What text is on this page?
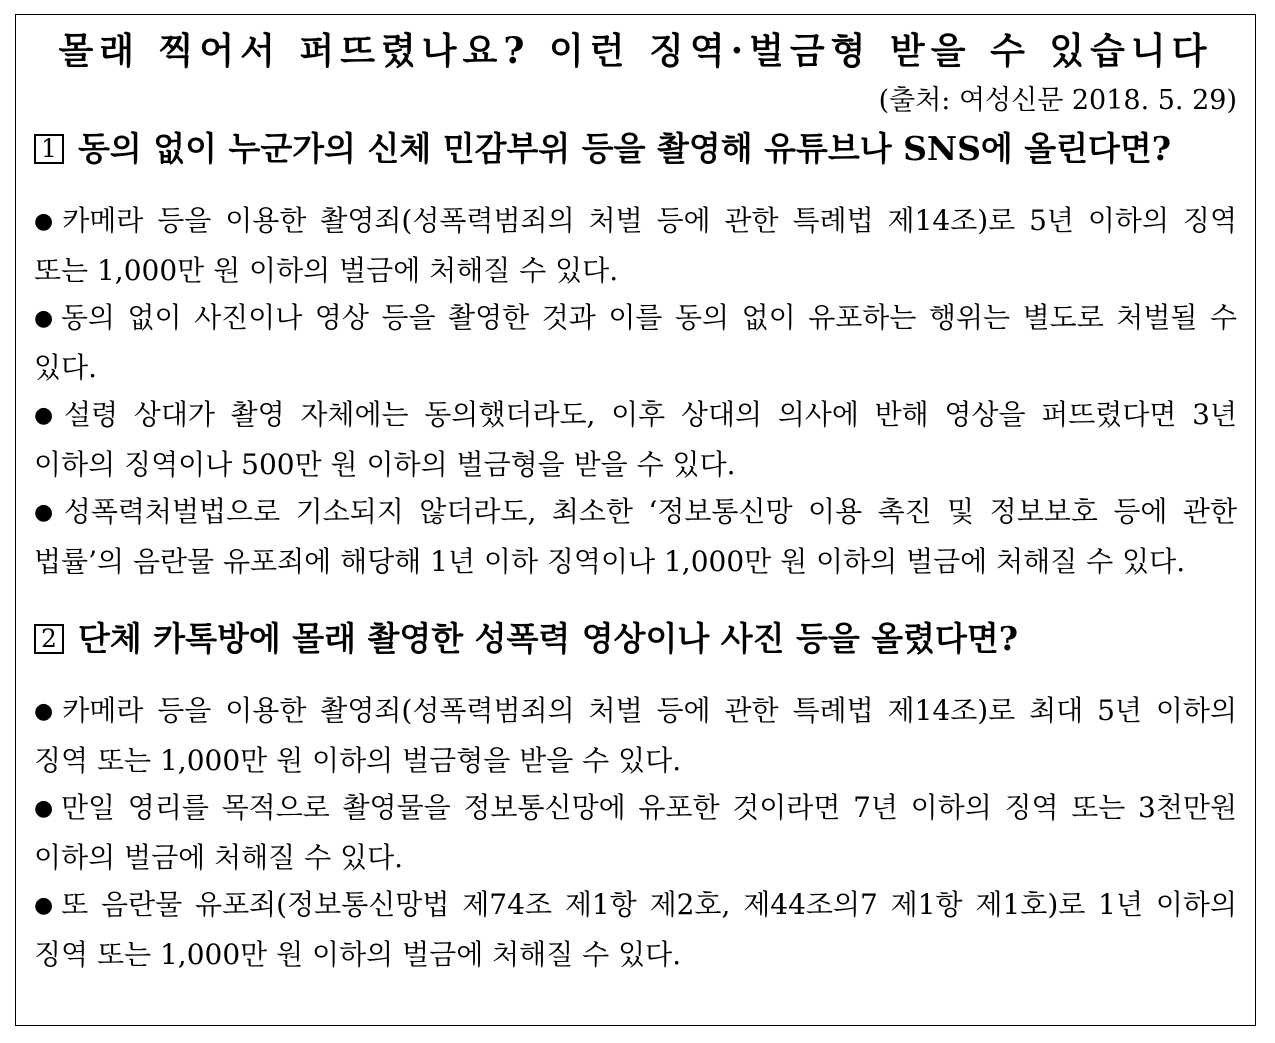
몰래 찍어서 퍼뜨렸나요? 이런 징역·벌금형 받을 수 있습니다
(출처: 여성신문 2018. 5. 29)
1 동의 없이 누군가의 신체 민감부위 등을 촬영해 유튜브나 SNS에 올린다면?
● 카메라 등을 이용한 촬영죄(성폭력범죄의 처벌 등에 관한 특례법 제14조)로 5년 이하의 징역 또는 1,000만 원 이하의 벌금에 처해질 수 있다.
● 동의 없이 사진이나 영상 등을 촬영한 것과 이를 동의 없이 유포하는 행위는 별도로 처벌될 수 있다.
● 설령 상대가 촬영 자체에는 동의했더라도, 이후 상대의 의사에 반해 영상을 퍼뜨렸다면 3년 이하의 징역이나 500만 원 이하의 벌금형을 받을 수 있다.
● 성폭력처벌법으로 기소되지 않더라도, 최소한 ‘정보통신망 이용 촉진 및 정보보호 등에 관한 법률’의 음란물 유포죄에 해당해 1년 이하 징역이나 1,000만 원 이하의 벌금에 처해질 수 있다.
2 단체 카톡방에 몰래 촬영한 성폭력 영상이나 사진 등을 올렸다면?
● 카메라 등을 이용한 촬영죄(성폭력범죄의 처벌 등에 관한 특례법 제14조)로 최대 5년 이하의 징역 또는 1,000만 원 이하의 벌금형을 받을 수 있다.
● 만일 영리를 목적으로 촬영물을 정보통신망에 유포한 것이라면 7년 이하의 징역 또는 3천만원 이하의 벌금에 처해질 수 있다.
● 또 음란물 유포죄(정보통신망법 제74조 제1항 제2호, 제44조의7 제1항 제1호)로 1년 이하의 징역 또는 1,000만 원 이하의 벌금에 처해질 수 있다.
